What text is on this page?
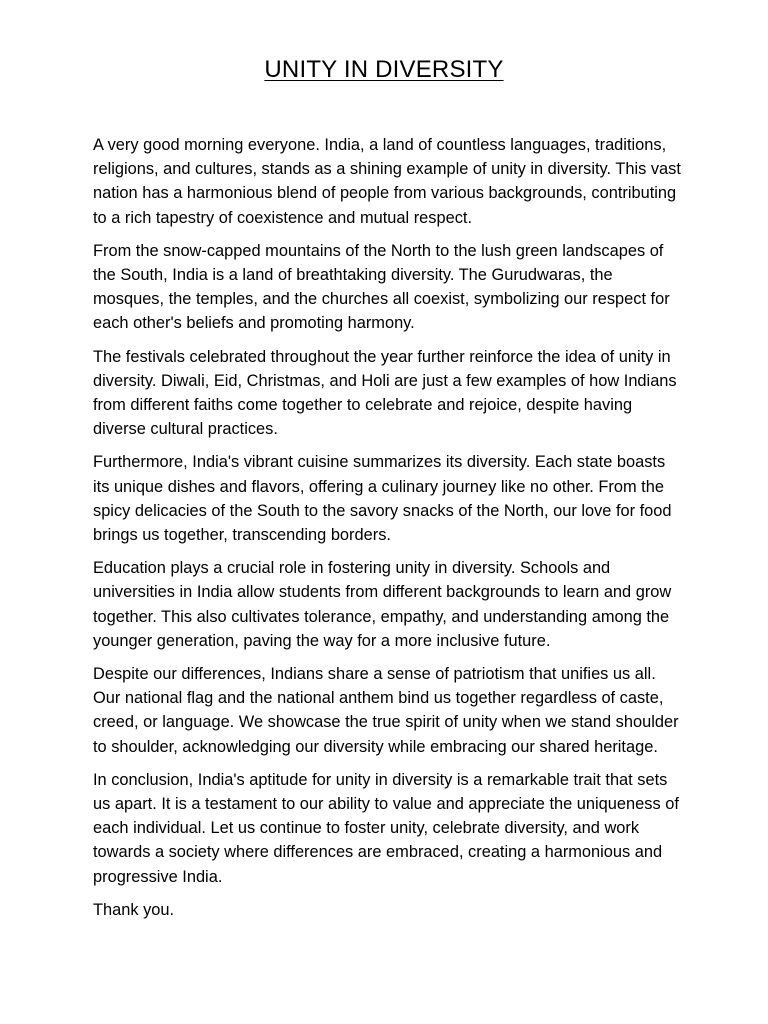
UNITY IN DIVERSITY

A very good morning everyone. India, a land of countless languages, traditions, religions, and cultures, stands as a shining example of unity in diversity. This vast nation has a harmonious blend of people from various backgrounds, contributing to a rich tapestry of coexistence and mutual respect.

From the snow-capped mountains of the North to the lush green landscapes of the South, India is a land of breathtaking diversity. The Gurudwaras, the mosques, the temples, and the churches all coexist, symbolizing our respect for each other's beliefs and promoting harmony.

The festivals celebrated throughout the year further reinforce the idea of unity in diversity. Diwali, Eid, Christmas, and Holi are just a few examples of how Indians from different faiths come together to celebrate and rejoice, despite having diverse cultural practices.

Furthermore, India's vibrant cuisine summarizes its diversity. Each state boasts its unique dishes and flavors, offering a culinary journey like no other. From the spicy delicacies of the South to the savory snacks of the North, our love for food brings us together, transcending borders.

Education plays a crucial role in fostering unity in diversity. Schools and universities in India allow students from different backgrounds to learn and grow together. This also cultivates tolerance, empathy, and understanding among the younger generation, paving the way for a more inclusive future.

Despite our differences, Indians share a sense of patriotism that unifies us all. Our national flag and the national anthem bind us together regardless of caste, creed, or language. We showcase the true spirit of unity when we stand shoulder to shoulder, acknowledging our diversity while embracing our shared heritage.

In conclusion, India's aptitude for unity in diversity is a remarkable trait that sets us apart. It is a testament to our ability to value and appreciate the uniqueness of each individual. Let us continue to foster unity, celebrate diversity, and work towards a society where differences are embraced, creating a harmonious and progressive India.

Thank you.
